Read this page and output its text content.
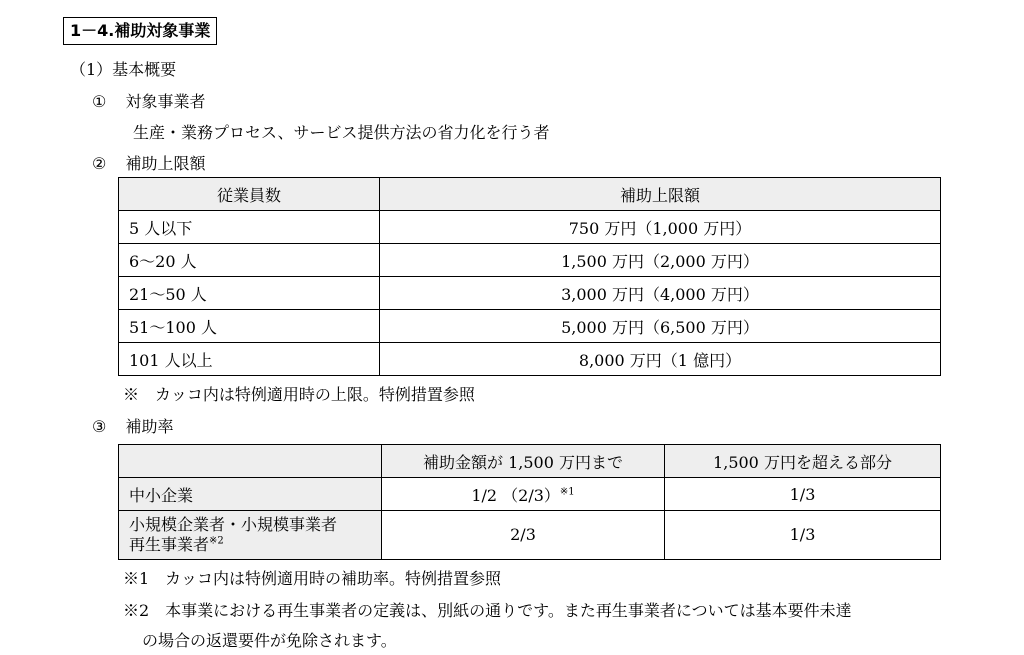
1－4.補助対象事業
（1）基本概要
① 対象事業者
生産・業務プロセス、サービス提供方法の省力化を行う者
② 補助上限額
従業員数	補助上限額
5 人以下	750 万円（1,000 万円）
6～20 人	1,500 万円（2,000 万円）
21～50 人	3,000 万円（4,000 万円）
51～100 人	5,000 万円（6,500 万円）
101 人以上	8,000 万円（1 億円）
※　カッコ内は特例適用時の上限。特例措置参照
③ 補助率
	補助金額が 1,500 万円まで	1,500 万円を超える部分
中小企業	1/2 $(2/3)^{※1}$	1/3

小規模企業者・小規模事業者
再生事業者$^{※2}$	2/3	1/3
※1　カッコ内は特例適用時の補助率。特例措置参照
※2　本事業における再生事業者の定義は、別紙の通りです。また再生事業者については基本要件未達
の場合の返還要件が免除されます。
